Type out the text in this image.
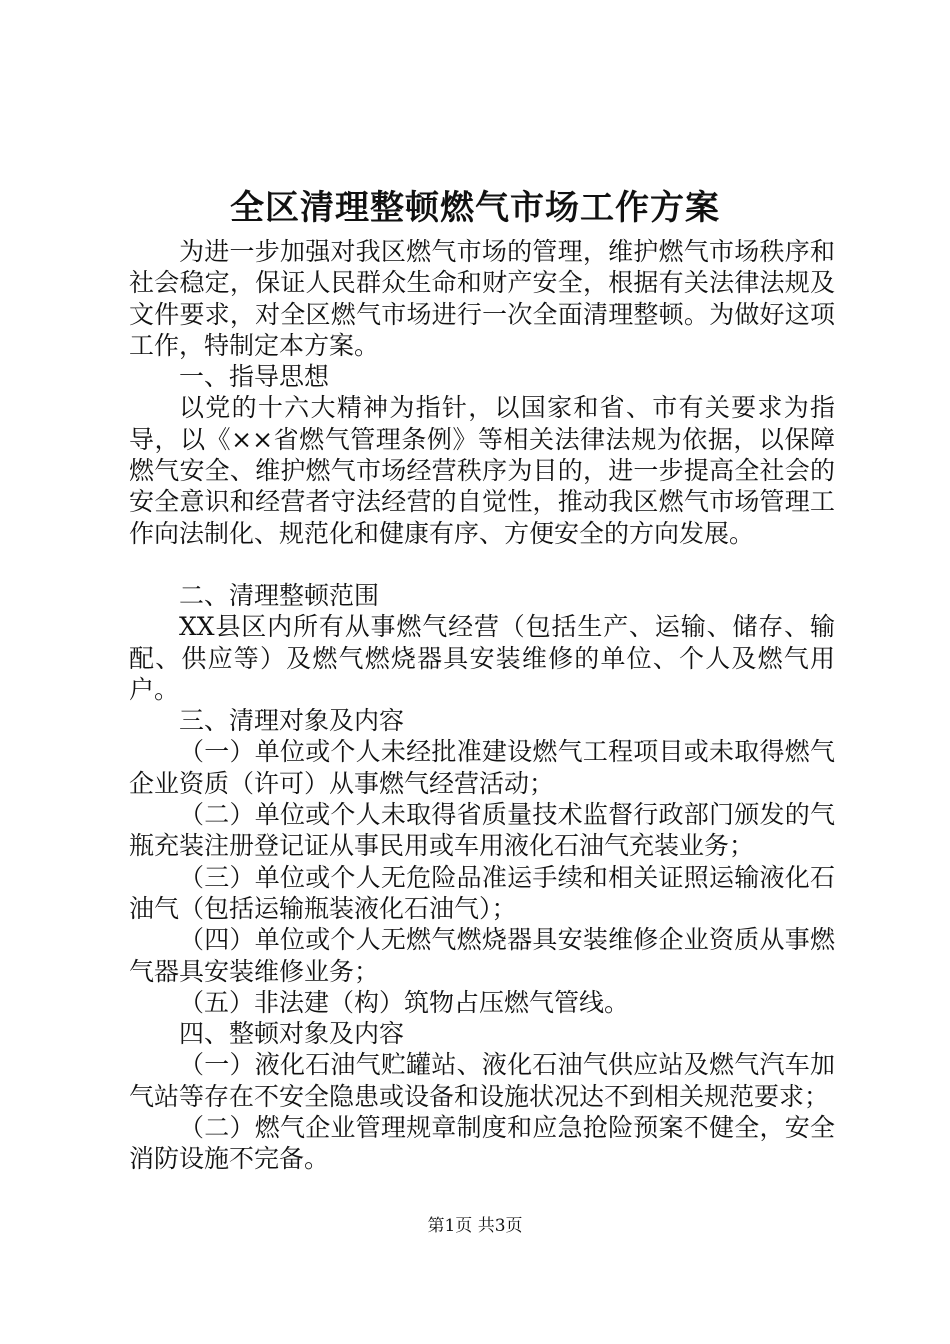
全区清理整顿燃气市场工作方案

为进一步加强对我区燃气市场的管理，维护燃气市场秩序和社会稳定，保证人民群众生命和财产安全，根据有关法律法规及文件要求，对全区燃气市场进行一次全面清理整顿。为做好这项工作，特制定本方案。

一、指导思想

以党的十六大精神为指针，以国家和省、市有关要求为指导，以《××省燃气管理条例》等相关法律法规为依据，以保障燃气安全、维护燃气市场经营秩序为目的，进一步提高全社会的安全意识和经营者守法经营的自觉性，推动我区燃气市场管理工作向法制化、规范化和健康有序、方便安全的方向发展。

二、清理整顿范围

XX县区内所有从事燃气经营（包括生产、运输、储存、输配、供应等）及燃气燃烧器具安装维修的单位、个人及燃气用户。

三、清理对象及内容

（一）单位或个人未经批准建设燃气工程项目或未取得燃气企业资质（许可）从事燃气经营活动；

（二）单位或个人未取得省质量技术监督行政部门颁发的气瓶充装注册登记证从事民用或车用液化石油气充装业务；

（三）单位或个人无危险品准运手续和相关证照运输液化石油气（包括运输瓶装液化石油气）；

（四）单位或个人无燃气燃烧器具安装维修企业资质从事燃气器具安装维修业务；

（五）非法建（构）筑物占压燃气管线。

四、整顿对象及内容

（一）液化石油气贮罐站、液化石油气供应站及燃气汽车加气站等存在不安全隐患或设备和设施状况达不到相关规范要求；

（二）燃气企业管理规章制度和应急抢险预案不健全，安全消防设施不完备。

第1页 共3页
